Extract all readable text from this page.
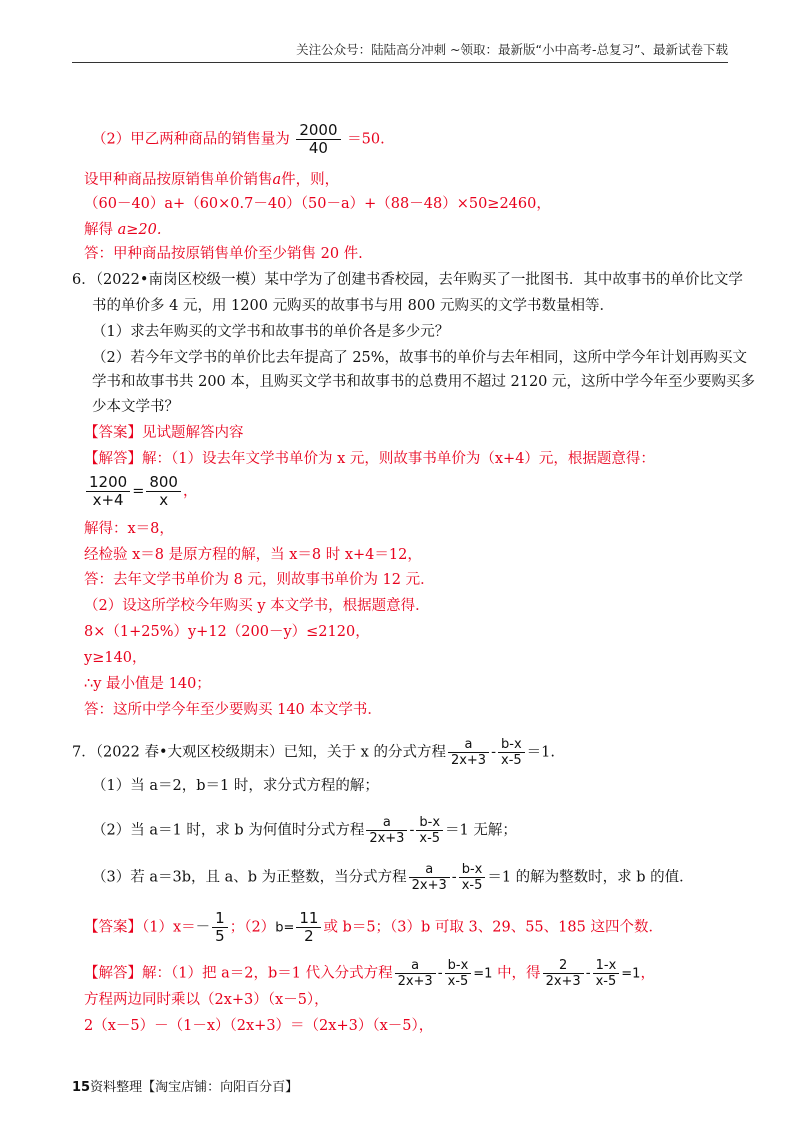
关注公众号：陆陆高分冲刺 ~领取：最新版“小中高考-总复习”、最新试卷下载
（2）甲乙两种商品的销售量为 $\frac{2000}{40} =50$.
设甲种商品按原销售单价销售a件，则，
（60－40）a+（60×0.7－40）（50－a）+（88－48）×50≥2460，
解得 a≥20.
答：甲种商品按原销售单价至少销售 20 件.
6．（2022•南岗区校级一模）某中学为了创建书香校园，去年购买了一批图书．其中故事书的单价比文学
书的单价多 4 元，用 1200 元购买的故事书与用 800 元购买的文学书数量相等．
（1）求去年购买的文学书和故事书的单价各是多少元？
（2）若今年文学书的单价比去年提高了 25%，故事书的单价与去年相同，这所中学今年计划再购买文
学书和故事书共 200 本，且购买文学书和故事书的总费用不超过 2120 元，这所中学今年至少要购买多
少本文学书？
【答案】见试题解答内容
【解答】解：（1）设去年文学书单价为 x 元，则故事书单价为（x+4）元，根据题意得：
$\frac{1200}{x+4} = \frac{800}{x}$ ，
解得：x＝8，
经检验 x＝8 是原方程的解，当 x＝8 时 x+4＝12，
答：去年文学书单价为 8 元，则故事书单价为 12 元．
（2）设这所学校今年购买 y 本文学书，根据题意得．
8×（1+25%）y+12（200－y）≤2120，
y≥140，
∴y 最小值是 140；
答：这所中学今年至少要购买 140 本文学书．
7．（2022 春•大观区校级期末）已知，关于 x 的分式方程 $\frac{a}{2x+3} - \frac{b-x}{x-5} =1$.
（1）当 a＝2，b＝1 时，求分式方程的解；
（2）当 a＝1 时，求 b 为何值时分式方程 $\frac{a}{2x+3} - \frac{b-x}{x-5} =1$ 无解；
（3）若 a＝3b，且 a、b 为正整数，当分式方程 $\frac{a}{2x+3} - \frac{b-x}{x-5} =1$ 的解为整数时，求 b 的值．
【答案】$(1)x=- \frac{1}{5}$ ；$(2)b= \frac{11}{2}$ 或 b＝5；（3）b 可取 3、29、55、185 这四个数．
【解答】解：（1）把 a＝2，b＝1 代入分式方程 $\frac{a}{2x+3} - \frac{b-x}{x-5} =1$ 中，得 $\frac{2}{2x+3} - \frac{1-x}{x-5} =1$，
方程两边同时乘以（2x+3）（x－5），
2（x－5）－（1－x）（2x+3）＝（2x+3）（x－5），
15资料整理【淘宝店铺：向阳百分百】
